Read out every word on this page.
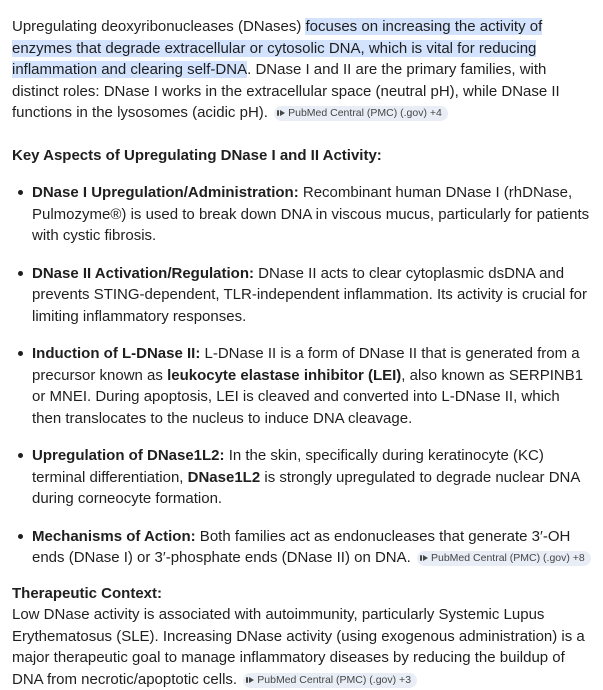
Upregulating deoxyribonucleases (DNases) focuses on increasing the activity of enzymes that degrade extracellular or cytosolic DNA, which is vital for reducing inflammation and clearing self-DNA. DNase I and II are the primary families, with distinct roles: DNase I works in the extracellular space (neutral pH), while DNase II functions in the lysosomes (acidic pH). PubMed Central (PMC) (.gov) +4

Key Aspects of Upregulating DNase I and II Activity:
DNase I Upregulation/Administration: Recombinant human DNase I (rhDNase, Pulmozyme®) is used to break down DNA in viscous mucus, particularly for patients with cystic fibrosis.
DNase II Activation/Regulation: DNase II acts to clear cytoplasmic dsDNA and prevents STING-dependent, TLR-independent inflammation. Its activity is crucial for limiting inflammatory responses.
Induction of L-DNase II: L-DNase II is a form of DNase II that is generated from a precursor known as leukocyte elastase inhibitor (LEI), also known as SERPINB1 or MNEI. During apoptosis, LEI is cleaved and converted into L-DNase II, which then translocates to the nucleus to induce DNA cleavage.
Upregulation of DNase1L2: In the skin, specifically during keratinocyte (KC) terminal differentiation, DNase1L2 is strongly upregulated to degrade nuclear DNA during corneocyte formation.
Mechanisms of Action: Both families act as endonucleases that generate 3′-OH ends (DNase I) or 3′-phosphate ends (DNase II) on DNA. PubMed Central (PMC) (.gov) +8
Therapeutic Context:

Low DNase activity is associated with autoimmunity, particularly Systemic Lupus Erythematosus (SLE). Increasing DNase activity (using exogenous administration) is a major therapeutic goal to manage inflammatory diseases by reducing the buildup of DNA from necrotic/apoptotic cells. PubMed Central (PMC) (.gov) +3
